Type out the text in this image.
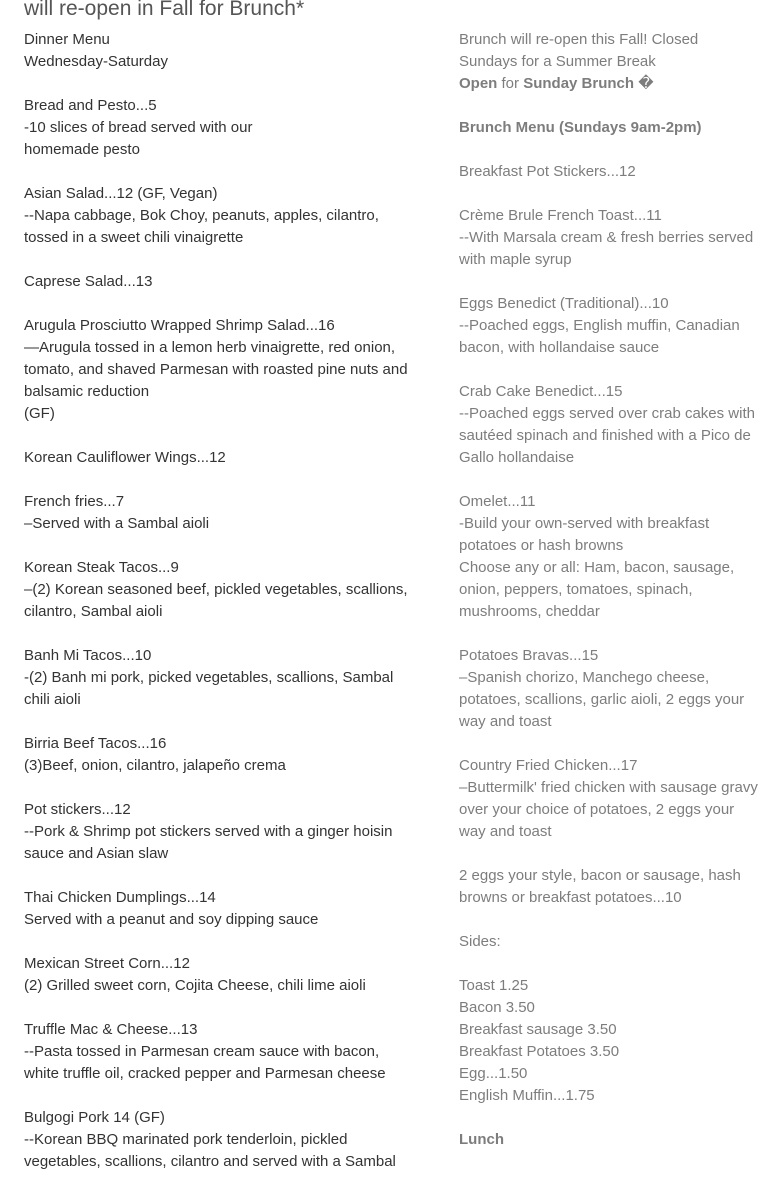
will re-open in Fall for Brunch*
Dinner Menu
Wednesday-Saturday
Bread and Pesto...5
-10 slices of bread served with our
homemade pesto
Asian Salad...12 (GF, Vegan)
--Napa cabbage, Bok Choy, peanuts, apples, cilantro, tossed in a sweet chili vinaigrette
Caprese Salad...13
Arugula Prosciutto Wrapped Shrimp Salad...16
—Arugula tossed in a lemon herb vinaigrette, red onion, tomato, and shaved Parmesan with roasted pine nuts and balsamic reduction
(GF)
Korean Cauliflower Wings...12
French fries...7
–Served with a Sambal aioli
Korean Steak Tacos...9
–(2) Korean seasoned beef, pickled vegetables, scallions, cilantro, Sambal aioli
Banh Mi Tacos...10
-(2) Banh mi pork, picked vegetables, scallions, Sambal chili aioli
Birria Beef Tacos...16
(3)Beef, onion, cilantro, jalapeño crema
Pot stickers...12
--Pork & Shrimp pot stickers served with a ginger hoisin sauce and Asian slaw
Thai Chicken Dumplings...14
Served with a peanut and soy dipping sauce
Mexican Street Corn...12
(2) Grilled sweet corn, Cojita Cheese, chili lime aioli
Truffle Mac & Cheese...13
--Pasta tossed in Parmesan cream sauce with bacon, white truffle oil, cracked pepper and Parmesan cheese
Bulgogi Pork 14 (GF)
--Korean BBQ marinated pork tenderloin, pickled vegetables, scallions, cilantro and served with a Sambal
Brunch will re-open this Fall! Closed Sundays for a Summer Break
Open for Sunday Brunch �
Brunch Menu (Sundays 9am-2pm)
Breakfast Pot Stickers...12
Crème Brule French Toast...11
--With Marsala cream & fresh berries served with maple syrup
Eggs Benedict (Traditional)...10
--Poached eggs, English muffin, Canadian bacon, with hollandaise sauce
Crab Cake Benedict...15
--Poached eggs served over crab cakes with sautéed spinach and finished with a Pico de Gallo hollandaise
Omelet...11
-Build your own-served with breakfast potatoes or hash browns
Choose any or all: Ham, bacon, sausage, onion, peppers, tomatoes, spinach, mushrooms, cheddar
Potatoes Bravas...15
–Spanish chorizo, Manchego cheese, potatoes, scallions, garlic aioli, 2 eggs your way and toast
Country Fried Chicken...17
–Buttermilk' fried chicken with sausage gravy over your choice of potatoes, 2 eggs your way and toast
2 eggs your style, bacon or sausage, hash browns or breakfast potatoes...10
Sides:
Toast 1.25
Bacon 3.50
Breakfast sausage 3.50
Breakfast Potatoes 3.50
Egg...1.50
English Muffin...1.75
Lunch
